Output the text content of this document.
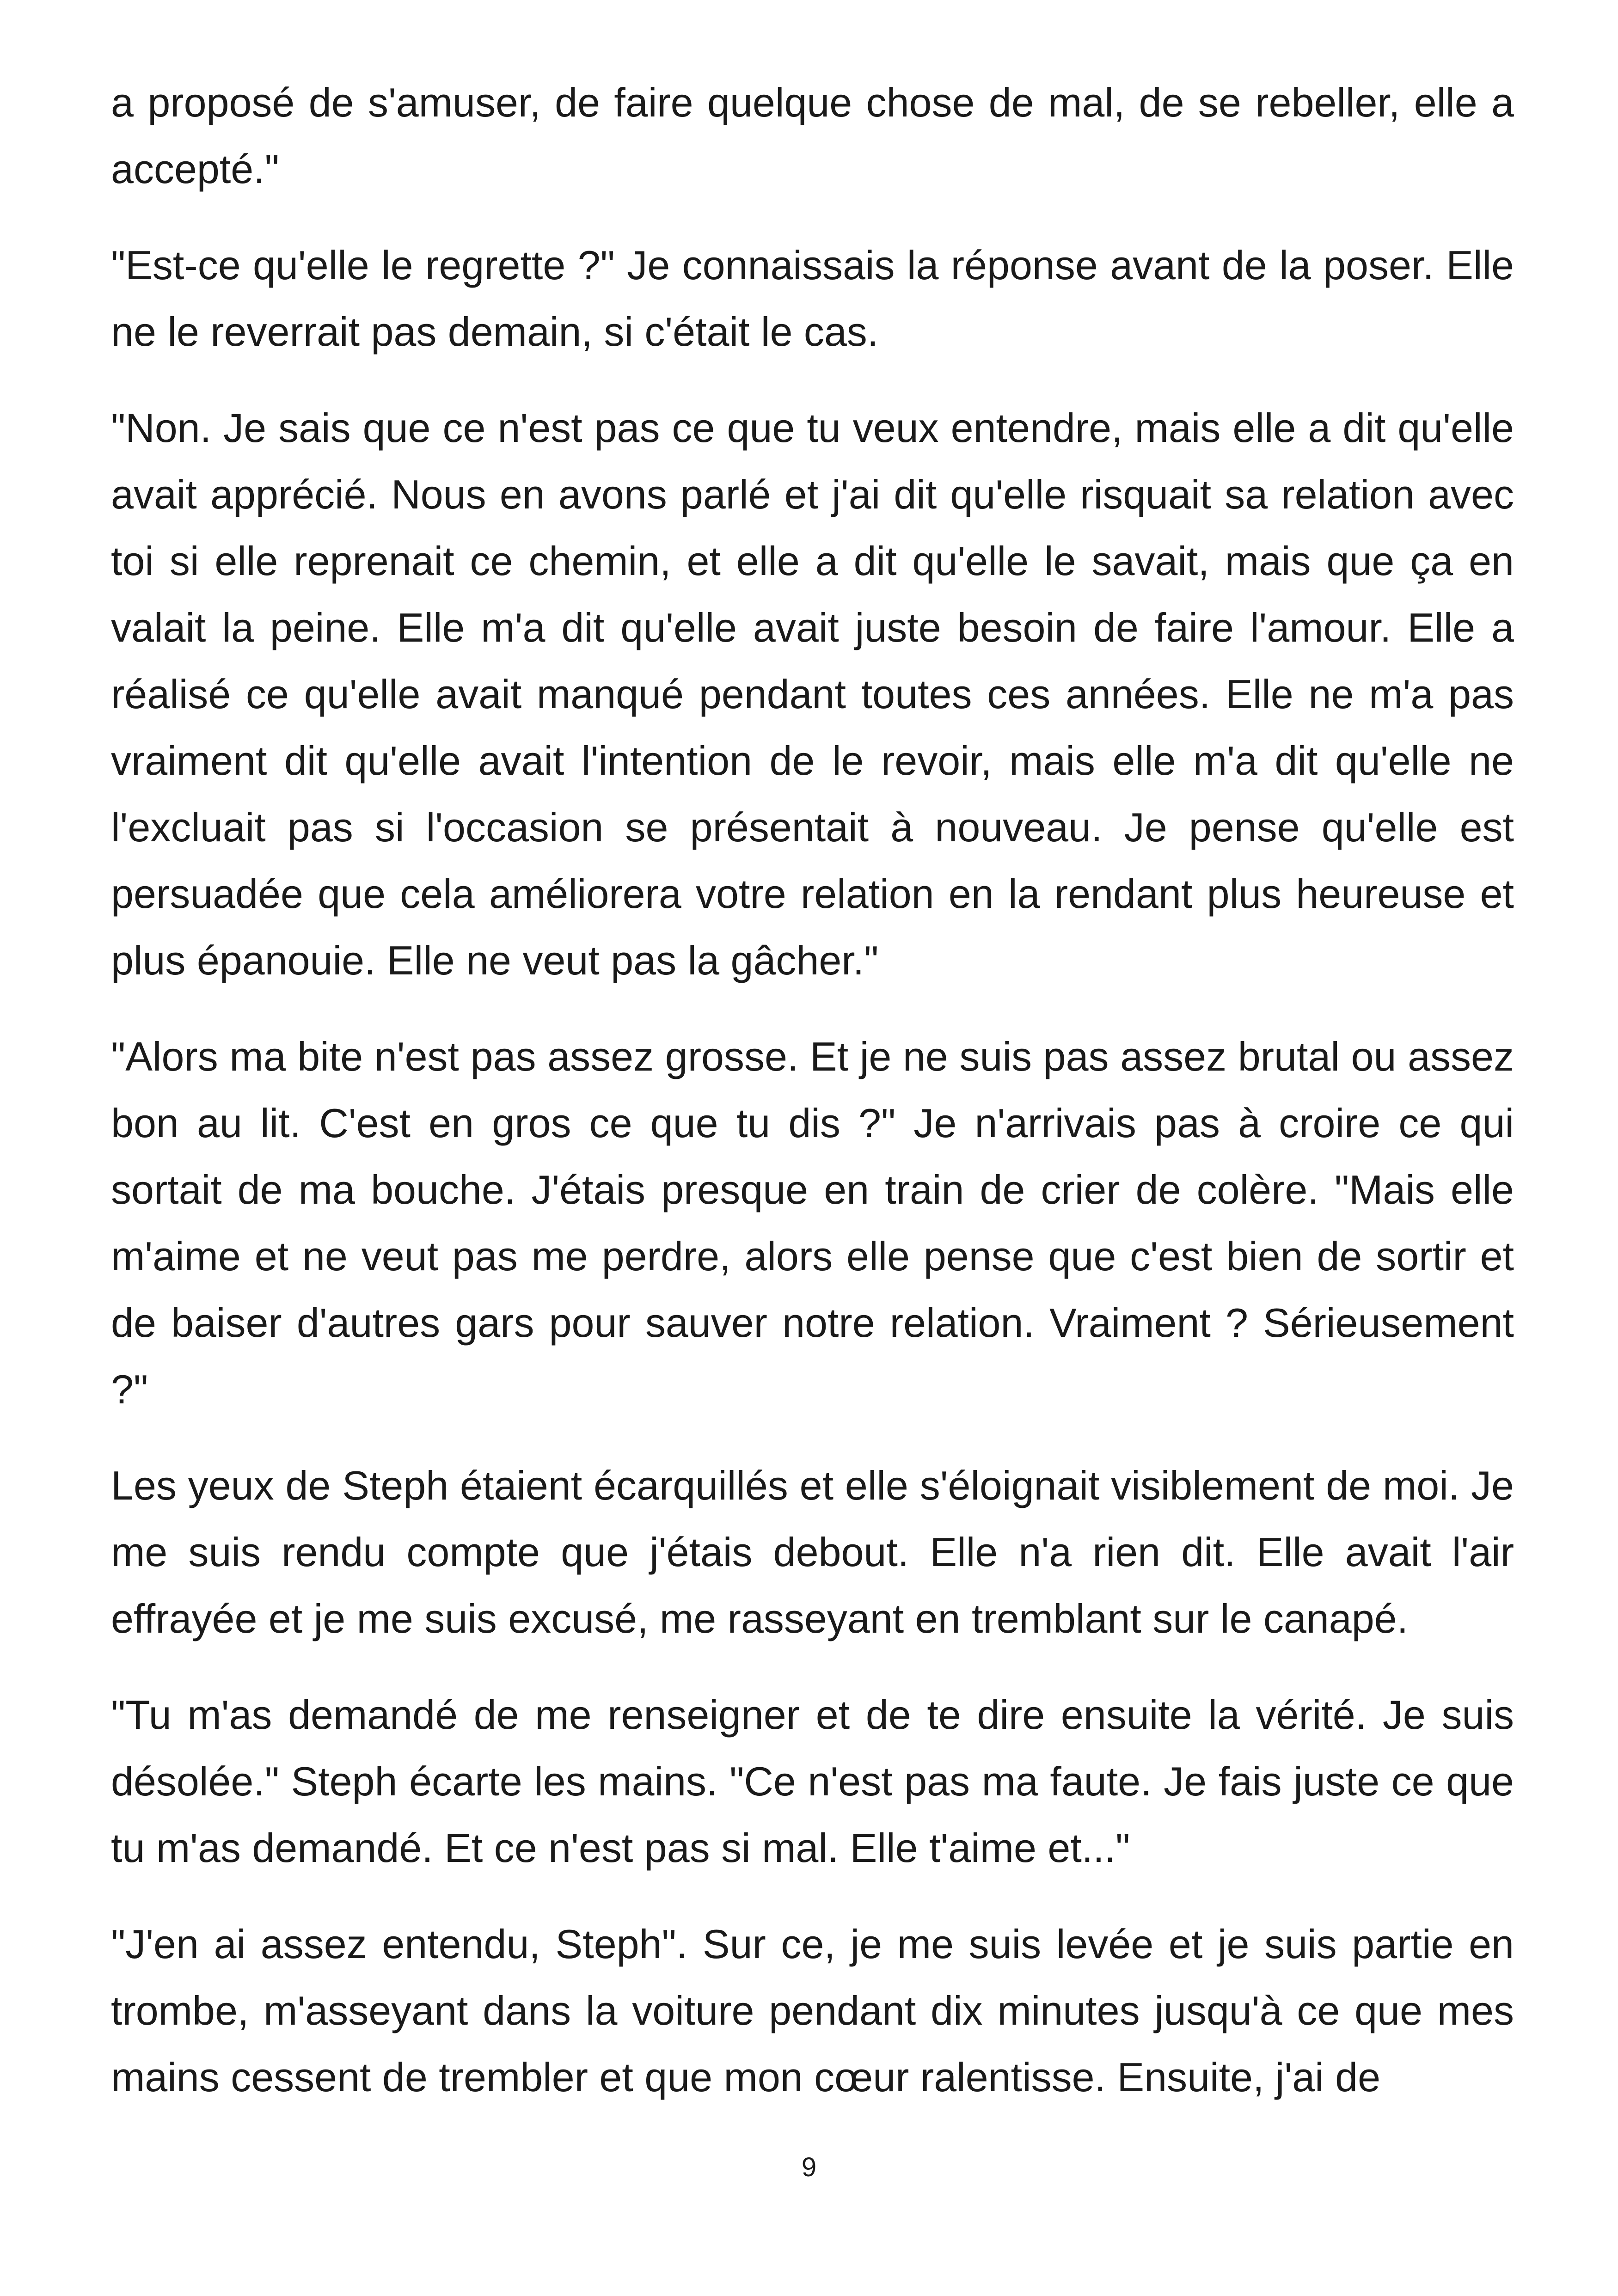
a proposé de s'amuser, de faire quelque chose de mal, de se rebeller, elle a accepté."

"Est-ce qu'elle le regrette ?" Je connaissais la réponse avant de la poser. Elle ne le reverrait pas demain, si c'était le cas.

"Non. Je sais que ce n'est pas ce que tu veux entendre, mais elle a dit qu'elle avait apprécié. Nous en avons parlé et j'ai dit qu'elle risquait sa relation avec toi si elle reprenait ce chemin, et elle a dit qu'elle le savait, mais que ça en valait la peine. Elle m'a dit qu'elle avait juste besoin de faire l'amour. Elle a réalisé ce qu'elle avait manqué pendant toutes ces années. Elle ne m'a pas vraiment dit qu'elle avait l'intention de le revoir, mais elle m'a dit qu'elle ne l'excluait pas si l'occasion se présentait à nouveau. Je pense qu'elle est persuadée que cela améliorera votre relation en la rendant plus heureuse et plus épanouie. Elle ne veut pas la gâcher."

"Alors ma bite n'est pas assez grosse. Et je ne suis pas assez brutal ou assez bon au lit. C'est en gros ce que tu dis ?" Je n'arrivais pas à croire ce qui sortait de ma bouche. J'étais presque en train de crier de colère. "Mais elle m'aime et ne veut pas me perdre, alors elle pense que c'est bien de sortir et de baiser d'autres gars pour sauver notre relation. Vraiment ? Sérieusement ?"

Les yeux de Steph étaient écarquillés et elle s'éloignait visiblement de moi. Je me suis rendu compte que j'étais debout. Elle n'a rien dit. Elle avait l'air effrayée et je me suis excusé, me rasseyant en tremblant sur le canapé.

"Tu m'as demandé de me renseigner et de te dire ensuite la vérité. Je suis désolée." Steph écarte les mains. "Ce n'est pas ma faute. Je fais juste ce que tu m'as demandé. Et ce n'est pas si mal. Elle t'aime et..."

"J'en ai assez entendu, Steph". Sur ce, je me suis levée et je suis partie en trombe, m'asseyant dans la voiture pendant dix minutes jusqu'à ce que mes mains cessent de trembler et que mon cœur ralentisse. Ensuite, j'ai de

9
